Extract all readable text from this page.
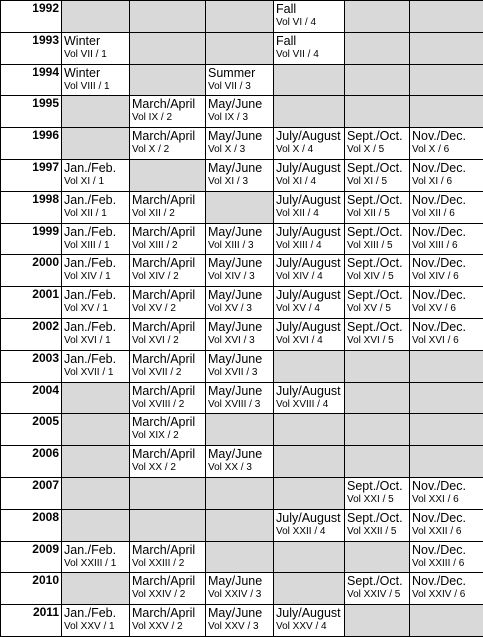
1992				Fall
Vol VI / 4		

1993	Winter
Vol VII / 1			Fall
Vol VII / 4		

1994	Winter
Vol VIII / 1		Summer
Vol VII / 3			

1995		March/April
Vol IX / 2	May/June
Vol IX / 3			

1996		March/April
Vol X / 2	May/June
Vol X / 3	July/August
Vol X / 4	Sept./Oct.
Vol X / 5	Nov./Dec.
Vol X / 6

1997	Jan./Feb.
Vol XI / 1		May/June
Vol XI / 3	July/August
Vol XI / 4	Sept./Oct.
Vol XI / 5	Nov./Dec.
Vol XI / 6

1998	Jan./Feb.
Vol XII / 1	March/April
Vol XII / 2		July/August
Vol XII / 4	Sept./Oct.
Vol XII / 5	Nov./Dec.
Vol XII / 6

1999	Jan./Feb.
Vol XIII / 1	March/April
Vol XIII / 2	May/June
Vol XIII / 3	July/August
Vol XIII / 4	Sept./Oct.
Vol XIII / 5	Nov./Dec.
Vol XIII / 6

2000	Jan./Feb.
Vol XIV / 1	March/April
Vol XIV / 2	May/June
Vol XIV / 3	July/August
Vol XIV / 4	Sept./Oct.
Vol XIV / 5	Nov./Dec.
Vol XIV / 6

2001	Jan./Feb.
Vol XV / 1	March/April
Vol XV / 2	May/June
Vol XV / 3	July/August
Vol XV / 4	Sept./Oct.
Vol XV / 5	Nov./Dec.
Vol XV / 6

2002	Jan./Feb.
Vol XVI / 1	March/April
Vol XVI / 2	May/June
Vol XVI / 3	July/August
Vol XVI / 4	Sept./Oct.
Vol XVI / 5	Nov./Dec.
Vol XVI / 6

2003	Jan./Feb.
Vol XVII / 1	March/April
Vol XVII / 2	May/June
Vol XVII / 3			

2004		March/April
Vol XVIII / 2	May/June
Vol XVIII / 3	July/August
Vol XVIII / 4		

2005		March/April
Vol XIX / 2				

2006		March/April
Vol XX / 2	May/June
Vol XX / 3			

2007					Sept./Oct.
Vol XXI / 5	Nov./Dec.
Vol XXI / 6

2008				July/August
Vol XXII / 4	Sept./Oct.
Vol XXII / 5	Nov./Dec.
Vol XXII / 6

2009	Jan./Feb.
Vol XXIII / 1	March/April
Vol XXIII / 2				Nov./Dec.
Vol XXIII / 6

2010		March/April
Vol XXIV / 2	May/June
Vol XXIV / 3		Sept./Oct.
Vol XXIV / 5	Nov./Dec.
Vol XXIV / 6

2011	Jan./Feb.
Vol XXV / 1	March/April
Vol XXV / 2	May/June
Vol XXV / 3	July/August
Vol XXV / 4		
